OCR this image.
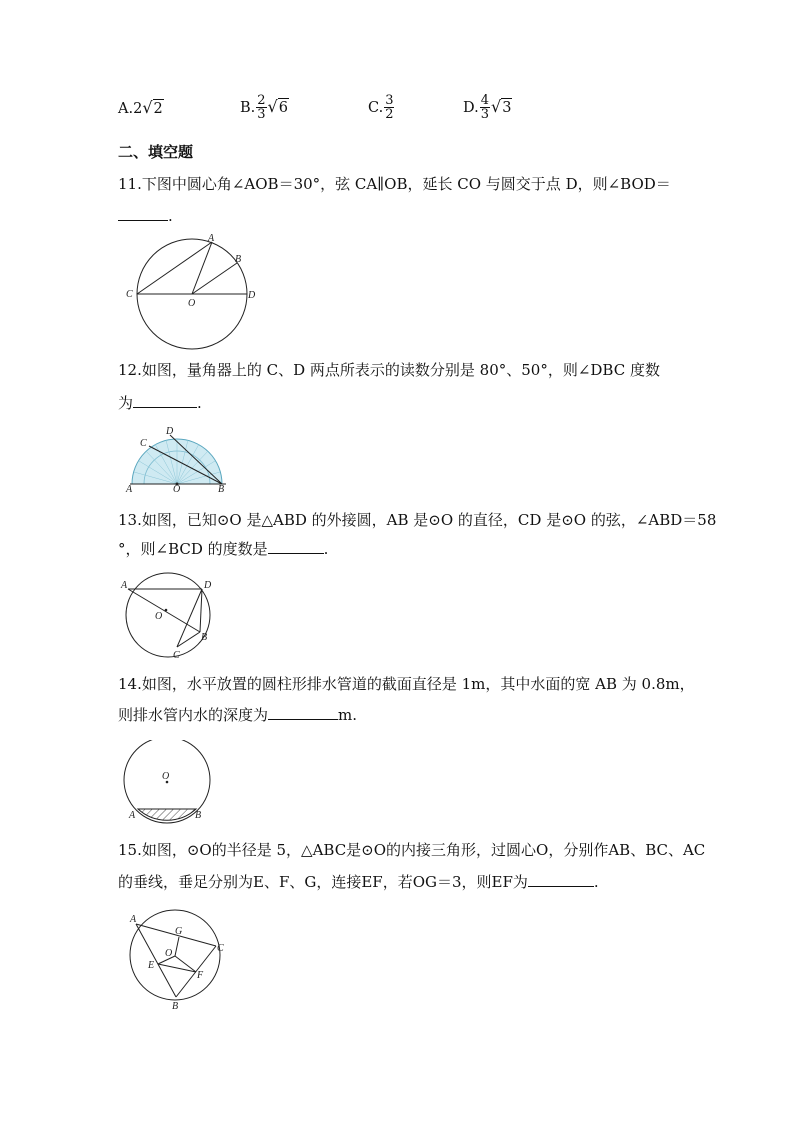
A. 2 √ 2	B. $\frac{2}{3}$ √ 6	C. $\frac{3}{2}$	D. $\frac{4}{3}$ √ 3
二、填空题
11.下图中圆心角∠AOB＝30°，弦 CA∥OB，延长 CO 与圆交于点 D，则∠BOD＝
.
A
B
C
O
D
12.如图，量角器上的 C、D 两点所表示的读数分别是 80°、50°，则∠DBC 度数
为	.
C
D
A	O	B
13.如图，已知⊙O 是△ABD 的外接圆，AB 是⊙O 的直径，CD 是⊙O 的弦，∠ABD＝58
°，则∠BCD 的度数是	.
A	D
O
B
C
14.如图，水平放置的圆柱形排水管道的截面直径是 1m，其中水面的宽 AB 为 0.8m，
则排水管内水的深度为	m.
O
A	B
15.如图，⊙O的半径是 5，△ABC是⊙O的内接三角形，过圆心O，分别作AB、BC、AC
的垂线，垂足分别为E、F、G，连接EF，若OG＝3，则EF为	.
A
G
C
O
E
F
B
